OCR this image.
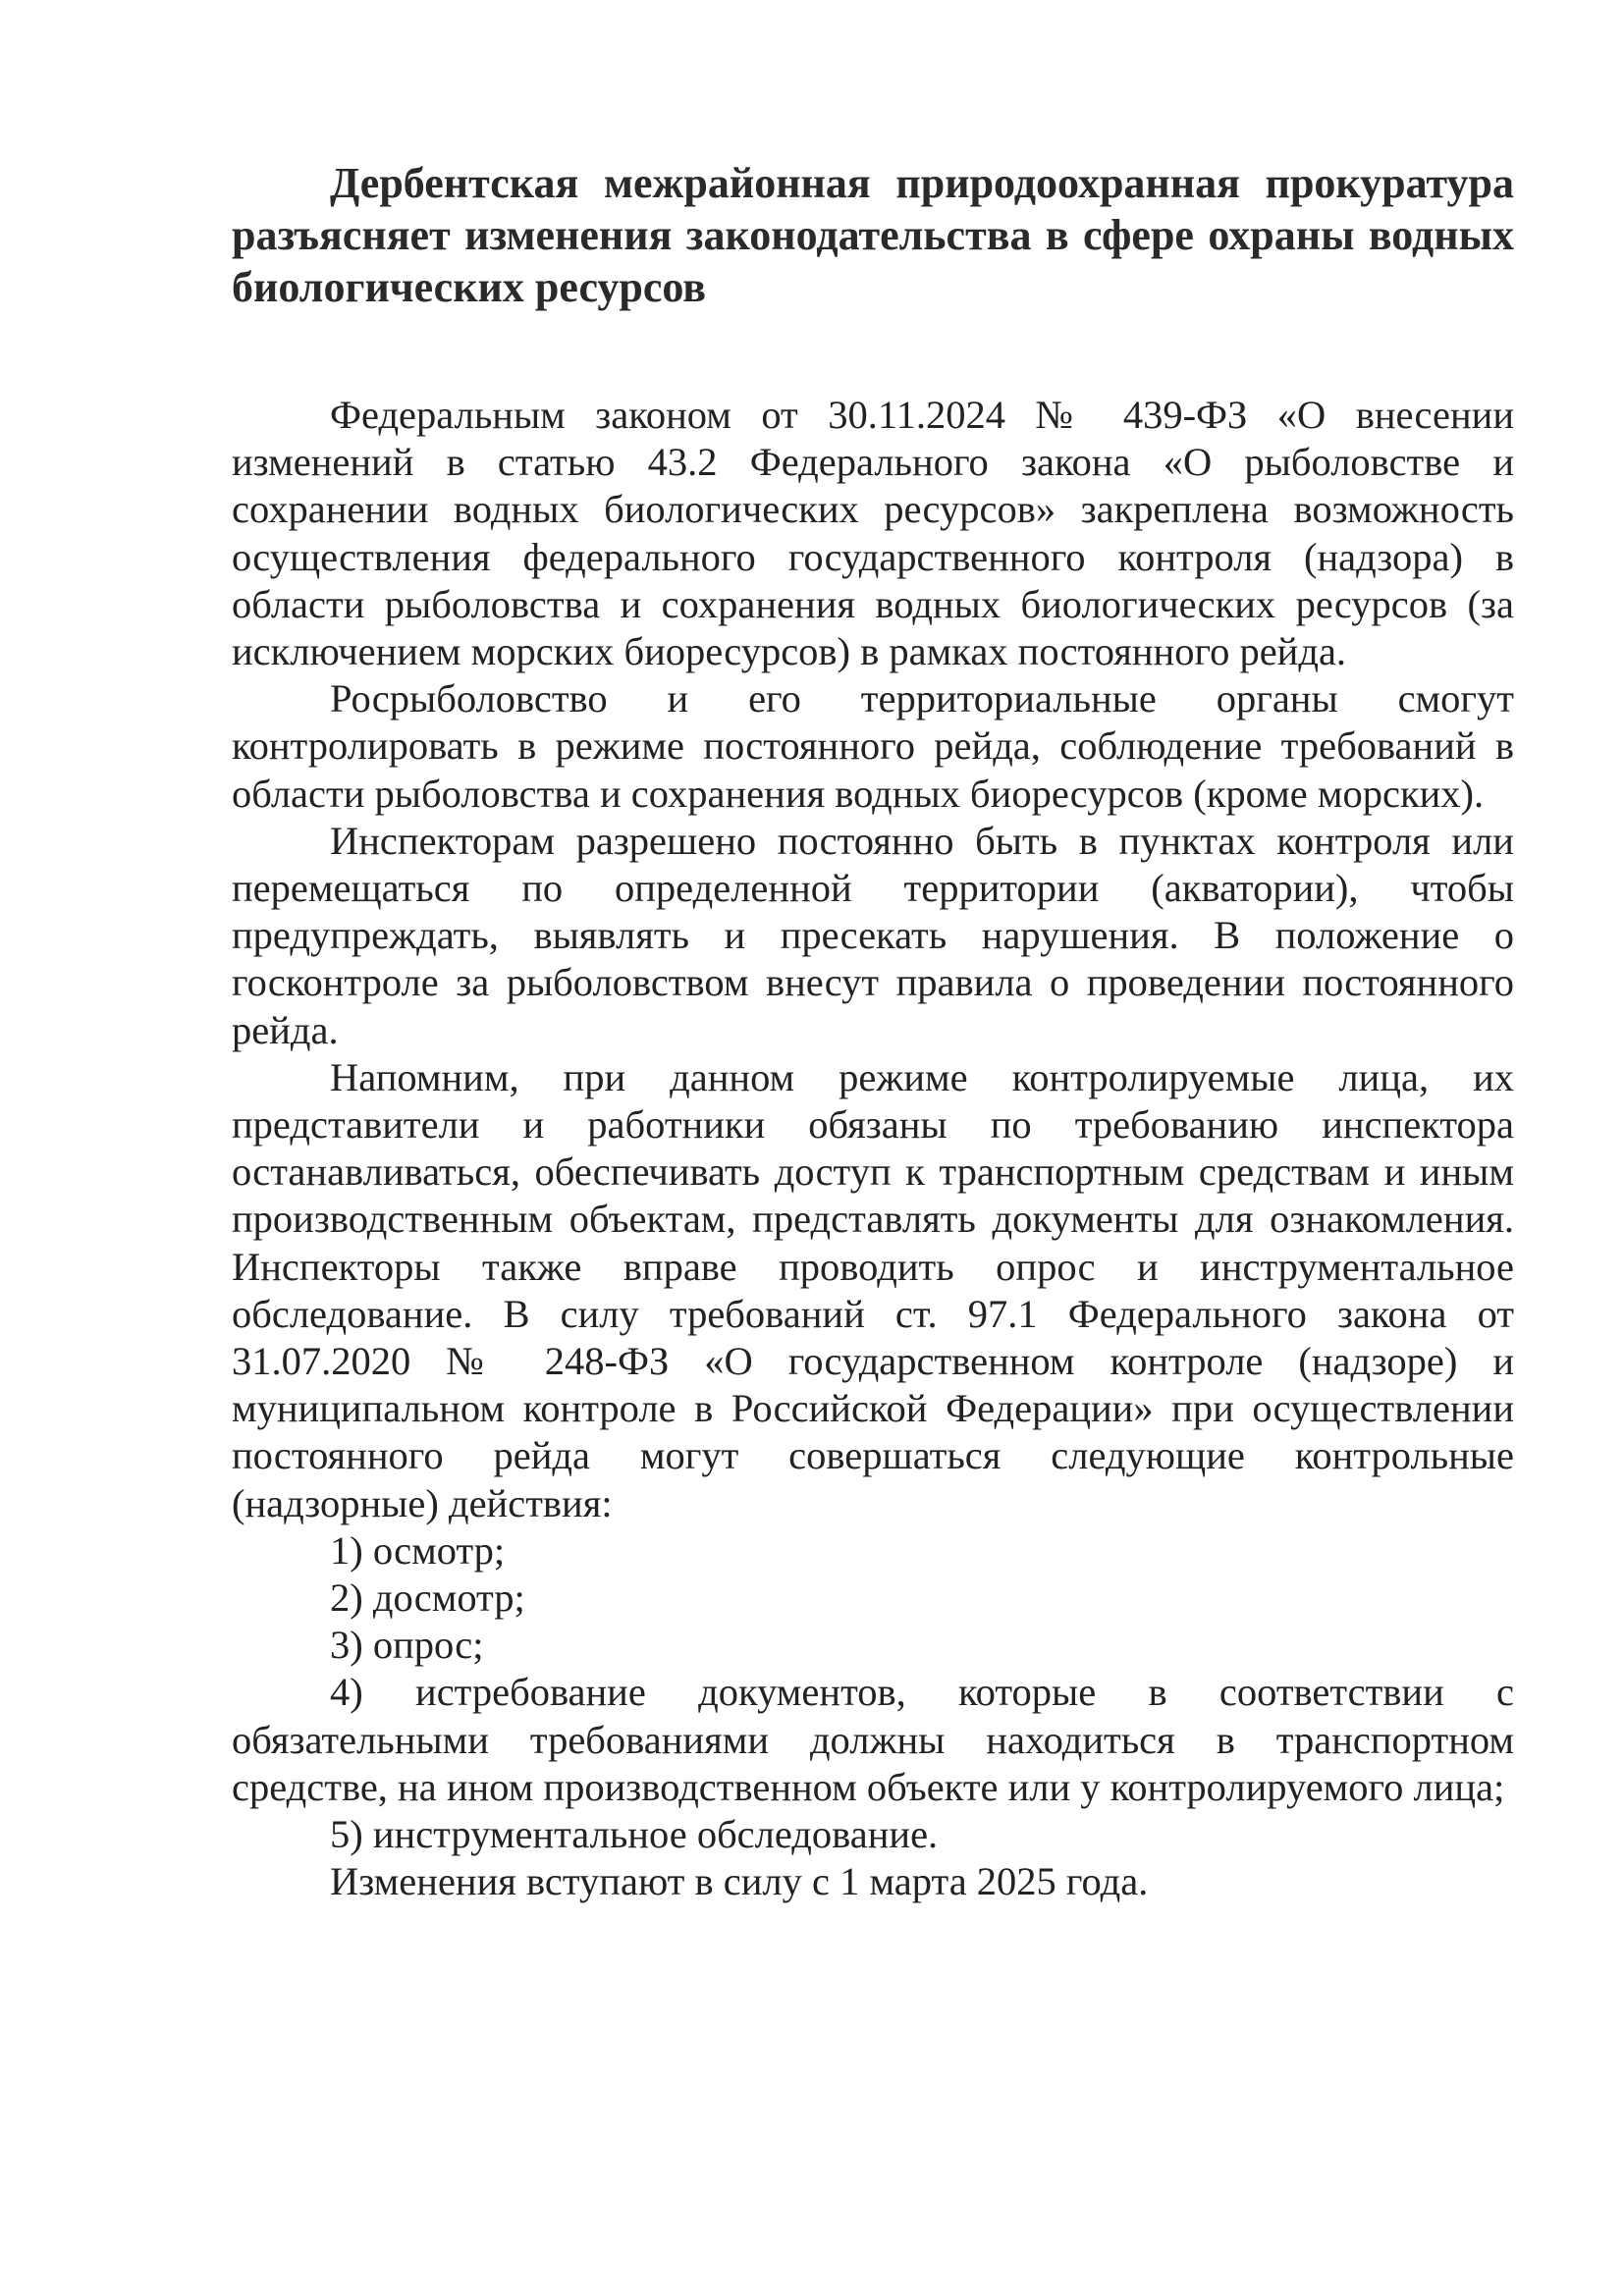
Дербентская межрайонная природоохранная прокуратура разъясняет изменения законодательства в сфере охраны водных биологических ресурсов

Федеральным законом от 30.11.2024 № 439-ФЗ «О внесении изменений в статью 43.2 Федерального закона «О рыболовстве и сохранении водных биологических ресурсов» закреплена возможность осуществления федерального государственного контроля (надзора) в области рыболовства и сохранения водных биологических ресурсов (за исключением морских биоресурсов) в рамках постоянного рейда.

Росрыболовство и его территориальные органы смогут контролировать в режиме постоянного рейда, соблюдение требований в области рыболовства и сохранения водных биоресурсов (кроме морских).

Инспекторам разрешено постоянно быть в пунктах контроля или перемещаться по определенной территории (акватории), чтобы предупреждать, выявлять и пресекать нарушения. В положение о госконтроле за рыболовством внесут правила о проведении постоянного рейда.

Напомним, при данном режиме контролируемые лица, их представители и работники обязаны по требованию инспектора останавливаться, обеспечивать доступ к транспортным средствам и иным производственным объектам, представлять документы для ознакомления. Инспекторы также вправе проводить опрос и инструментальное обследование. В силу требований ст. 97.1 Федерального закона от 31.07.2020 № 248-ФЗ «О государственном контроле (надзоре) и муниципальном контроле в Российской Федерации» при осуществлении постоянного рейда могут совершаться следующие контрольные (надзорные) действия:

1) осмотр;

2) досмотр;

3) опрос;

4) истребование документов, которые в соответствии с обязательными требованиями должны находиться в транспортном средстве, на ином производственном объекте или у контролируемого лица;

5) инструментальное обследование.

Изменения вступают в силу с 1 марта 2025 года.
